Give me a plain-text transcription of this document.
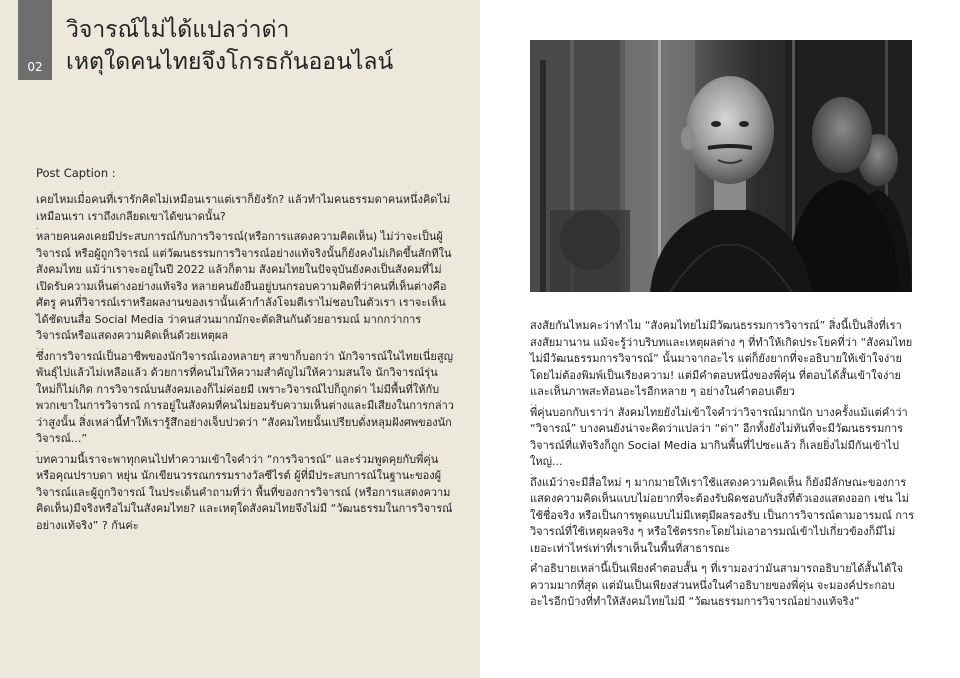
02
วิจารณ์ไม่ได้แปลว่าด่า
เหตุใดคนไทยจึงโกรธกันออนไลน์
Post Caption :

เคยไหมเมื่อคนที่เรารักคิดไม่เหมือนเราแต่เราก็ยังรัก? แล้วทำไมคนธรรมดาคนหนึ่งคิดไม่เหมือนเรา เราถึงเกลียดเขาได้ขนาดนั้น?

.

หลายคนคงเคยมีประสบการณ์กับการวิจารณ์(หรือการแสดงความคิดเห็น) ไม่ว่าจะเป็นผู้วิจารณ์ หรือผู้ถูกวิจารณ์ แต่วัฒนธรรมการวิจารณ์อย่างแท้จริงนั้นก็ยังคงไม่เกิดขึ้นสักทีในสังคมไทย แม้ว่าเราจะอยู่ในปี 2022 แล้วก็ตาม สังคมไทยในปัจจุบันยังคงเป็นสังคมที่ไม่เปิดรับความเห็นต่างอย่างแท้จริง หลายคนยังยืนอยู่บนกรอบความคิดที่ว่าคนที่เห็นต่างคือศัตรู คนที่วิจารณ์เราหรือผลงานของเรานั้นเค้ากำลังโจมตีเราไม่ชอบในตัวเรา เราจะเห็นได้ชัดบนสื่อ Social Media ว่าคนส่วนมากมักจะตัดสินกันด้วยอารมณ์ มากกว่าการวิจารณ์หรือแสดงความคิดเห็นด้วยเหตุผล

.

ซึ่งการวิจารณ์เป็นอาชีพของนักวิจารณ์เองหลายๆ สาขาก็บอกว่า นักวิจารณ์ในไทยเนี่ยสูญพันธุ์ไปแล้วไม่เหลือแล้ว ด้วยการที่คนไม่ให้ความสำคัญไม่ให้ความสนใจ นักวิจารณ์รุ่นใหม่ก็ไม่เกิด การวิจารณ์บนสังคมเองก็ไม่ค่อยมี เพราะวิจารณ์ไปก็ถูกด่า ไม่มีพื้นที่ให้กับพวกเขาในการวิจารณ์ การอยู่ในสังคมที่คนไม่ยอมรับความเห็นต่างและมีเสียงในการกล่าวว่าสูงนั้น สิ่งเหล่านี้ทำให้เรารู้สึกอย่างเจ็บปวดว่า “สังคมไทยนั้นเปรียบดั่งหลุมฝังศพของนักวิจารณ์...”

.

บทความนี้เราจะพาทุกคนไปทำความเข้าใจคำว่า “การวิจารณ์” และร่วมพูดคุยกับพี่คุ่น หรือคุณปราบดา หยุ่น นักเขียนวรรณกรรมรางวัลซีไรต์ ผู้ที่มีประสบการณ์ในฐานะของผู้วิจารณ์และผู้ถูกวิจารณ์ ในประเด็นคำถามที่ว่า พื้นที่ของการวิจารณ์ (หรือการแสดงความคิดเห็น)มีจริงหรือไม่ในสังคมไทย? และเหตุใดสังคมไทยจึงไม่มี “วัฒนธรรมในการวิจารณ์อย่างแท้จริง” ? กันค่ะ

สงสัยกันไหมคะว่าทำไม “สังคมไทยไม่มีวัฒนธรรมการวิจารณ์” สิ่งนี้เป็นสิ่งที่เราสงสัยมานาน แม้จะรู้ว่าบริบทและเหตุผลต่าง ๆ ที่ทำให้เกิดประโยคที่ว่า “สังคมไทยไม่มีวัฒนธรรมการวิจารณ์” นั้นมาจากอะไร แต่ก็ยังยากที่จะอธิบายให้เข้าใจง่ายโดยไม่ต้องพิมพ์เป็นเรียงความ! แต่มีคำตอบหนึ่งของพี่คุ่น ที่ตอบได้สั้นเข้าใจง่ายและเห็นภาพสะท้อนอะไรอีกหลาย ๆ อย่างในคำตอบเดียว

.

พี่คุ่นบอกกับเราว่า สังคมไทยยังไม่เข้าใจคำว่าวิจารณ์มากนัก บางครั้งแม้แต่คำว่า “วิจารณ์” บางคนยังน่าจะคิดว่าแปลว่า “ด่า” อีกทั้งยังไม่ทันที่จะมีวัฒนธรรมการวิจารณ์ที่แท้จริงก็ถูก Social Media มากินพื้นที่ไปซะแล้ว ก็เลยยิ่งไม่มีกันเข้าไปใหญ่...

.

ถึงแม้ว่าจะมีสื่อใหม่ ๆ มากมายให้เราใช้แสดงความคิดเห็น ก็ยังมีลักษณะของการแสดงความคิดเห็นแบบไม่อยากที่จะต้องรับผิดชอบกับสิ่งที่ตัวเองแสดงออก เช่น ไม่ใช้ชื่อจริง หรือเป็นการพูดแบบไม่มีเหตุมีผลรองรับ เป็นการวิจารณ์ตามอารมณ์ การวิจารณ์ที่ใช้เหตุผลจริง ๆ หรือใช้ตรรกะโดยไม่เอาอารมณ์เข้าไปเกี่ยวข้องก็มีไม่เยอะเท่าไหร่เท่าที่เราเห็นในพื้นที่สาธารณะ

.

คำอธิบายเหล่านี้เป็นเพียงคำตอบสั้น ๆ ที่เรามองว่ามันสามารถอธิบายได้สั้นได้ใจความมากที่สุด แต่มันเป็นเพียงส่วนหนึ่งในคำอธิบายของพี่คุ่น จะมองค์ประกอบอะไรอีกบ้างที่ทำให้สังคมไทยไม่มี “วัฒนธรรมการวิจารณ์อย่างแท้จริง”
